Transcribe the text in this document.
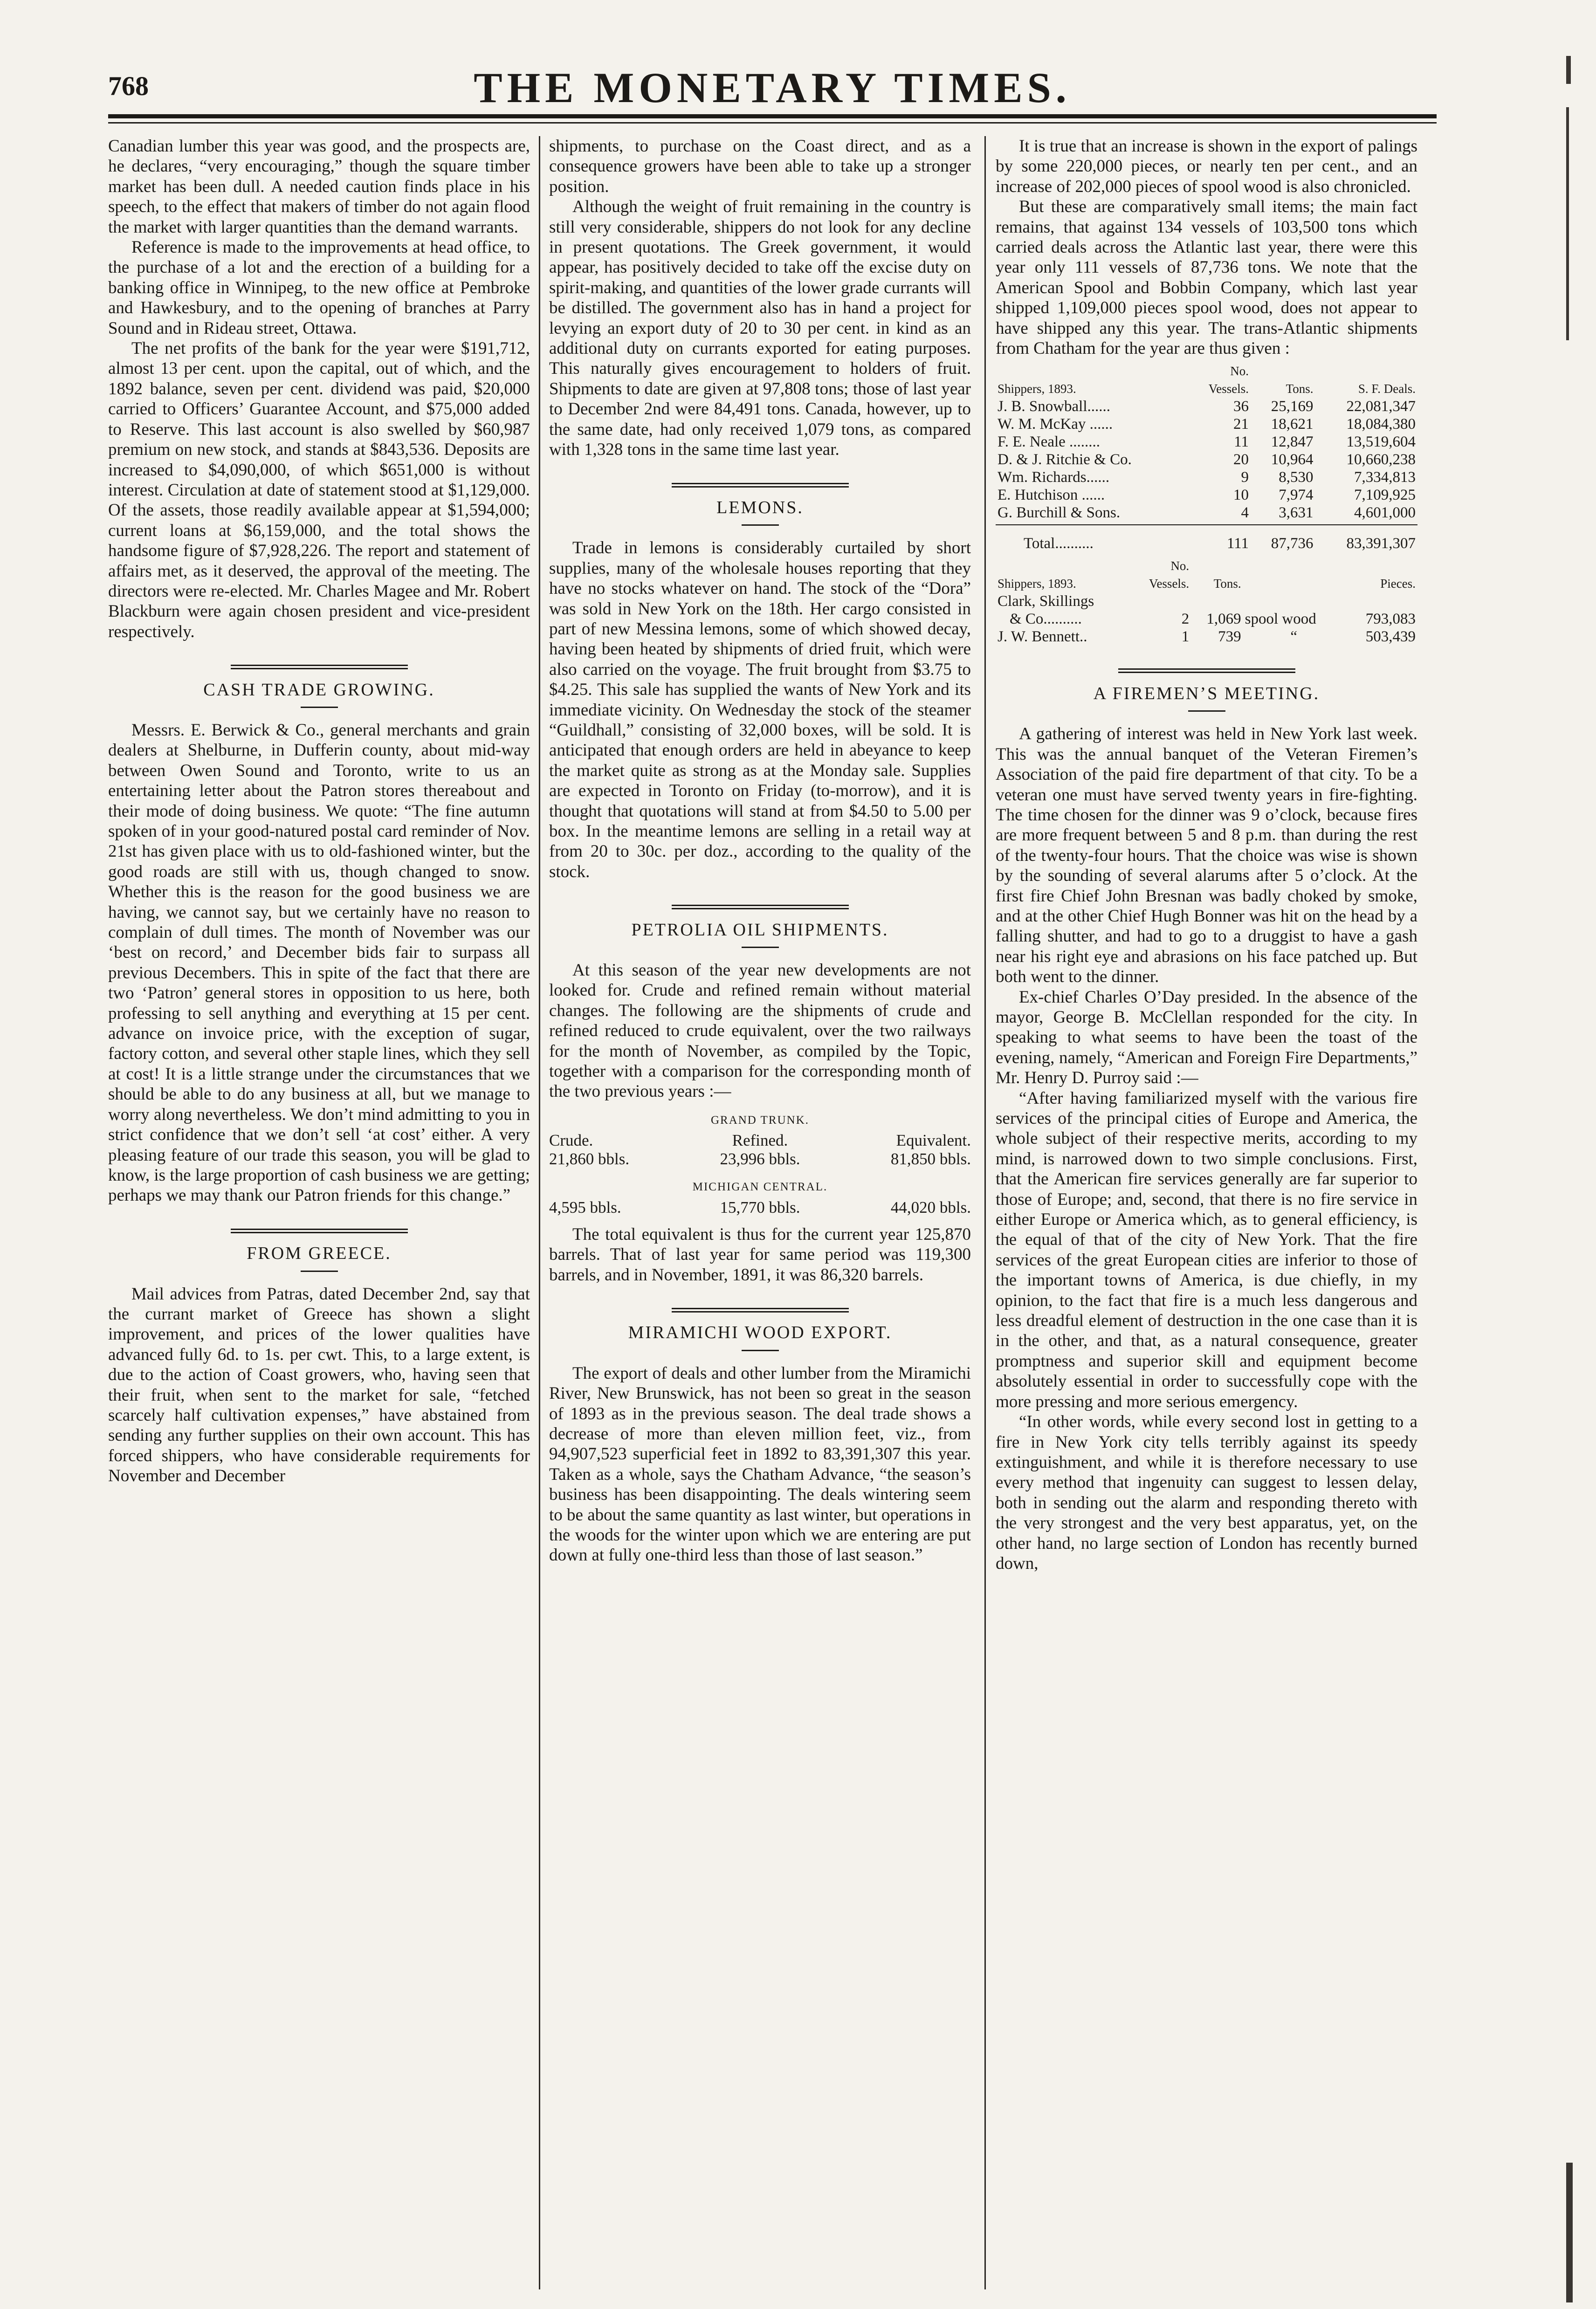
768	THE MONETARY TIMES.

Canadian lumber this year was good, and the prospects are, he declares, “very encouraging,” though the square timber market has been dull. A needed caution finds place in his speech, to the effect that makers of timber do not again flood the market with larger quantities than the demand warrants.

Reference is made to the improvements at head office, to the purchase of a lot and the erection of a building for a banking office in Winnipeg, to the new office at Pembroke and Hawkesbury, and to the opening of branches at Parry Sound and in Rideau street, Ottawa.

The net profits of the bank for the year were $191,712, almost 13 per cent. upon the capital, out of which, and the 1892 balance, seven per cent. dividend was paid, $20,000 carried to Officers’ Guarantee Account, and $75,000 added to Reserve. This last account is also swelled by $60,987 premium on new stock, and stands at $843,536. Deposits are increased to $4,090,000, of which $651,000 is without interest. Circulation at date of statement stood at $1,129,000. Of the assets, those readily available appear at $1,594,000; current loans at $6,159,000, and the total shows the handsome figure of $7,928,226. The report and statement of affairs met, as it deserved, the approval of the meeting. The directors were re-elected. Mr. Charles Magee and Mr. Robert Blackburn were again chosen president and vice-president respectively.

CASH TRADE GROWING.

Messrs. E. Berwick & Co., general merchants and grain dealers at Shelburne, in Dufferin county, about mid-way between Owen Sound and Toronto, write to us an entertaining letter about the Patron stores thereabout and their mode of doing business. We quote: “The fine autumn spoken of in your good-natured postal card reminder of Nov. 21st has given place with us to old-fashioned winter, but the good roads are still with us, though changed to snow. Whether this is the reason for the good business we are having, we cannot say, but we certainly have no reason to complain of dull times. The month of November was our ‘best on record,’ and December bids fair to surpass all previous Decembers. This in spite of the fact that there are two ‘Patron’ general stores in opposition to us here, both professing to sell anything and everything at 15 per cent. advance on invoice price, with the exception of sugar, factory cotton, and several other staple lines, which they sell at cost! It is a little strange under the circumstances that we should be able to do any business at all, but we manage to worry along nevertheless. We don’t mind admitting to you in strict confidence that we don’t sell ‘at cost’ either. A very pleasing feature of our trade this season, you will be glad to know, is the large proportion of cash business we are getting; perhaps we may thank our Patron friends for this change.”

FROM GREECE.

Mail advices from Patras, dated December 2nd, say that the currant market of Greece has shown a slight improvement, and prices of the lower qualities have advanced fully 6d. to 1s. per cwt. This, to a large extent, is due to the action of Coast growers, who, having seen that their fruit, when sent to the market for sale, “fetched scarcely half cultivation expenses,” have abstained from sending any further supplies on their own account. This has forced shippers, who have considerable requirements for November and December

shipments, to purchase on the Coast direct, and as a consequence growers have been able to take up a stronger position.

Although the weight of fruit remaining in the country is still very considerable, shippers do not look for any decline in present quotations. The Greek government, it would appear, has positively decided to take off the excise duty on spirit-making, and quantities of the lower grade currants will be distilled. The government also has in hand a project for levying an export duty of 20 to 30 per cent. in kind as an additional duty on currants exported for eating purposes. This naturally gives encouragement to holders of fruit. Shipments to date are given at 97,808 tons; those of last year to December 2nd were 84,491 tons. Canada, however, up to the same date, had only received 1,079 tons, as compared with 1,328 tons in the same time last year.

LEMONS.

Trade in lemons is considerably curtailed by short supplies, many of the wholesale houses reporting that they have no stocks whatever on hand. The stock of the “Dora” was sold in New York on the 18th. Her cargo consisted in part of new Messina lemons, some of which showed decay, having been heated by shipments of dried fruit, which were also carried on the voyage. The fruit brought from $3.75 to $4.25. This sale has supplied the wants of New York and its immediate vicinity. On Wednesday the stock of the steamer “Guildhall,” consisting of 32,000 boxes, will be sold. It is anticipated that enough orders are held in abeyance to keep the market quite as strong as at the Monday sale. Supplies are expected in Toronto on Friday (to-morrow), and it is thought that quotations will stand at from $4.50 to 5.00 per box. In the meantime lemons are selling in a retail way at from 20 to 30c. per doz., according to the quality of the stock.

PETROLIA OIL SHIPMENTS.

At this season of the year new developments are not looked for. Crude and refined remain without material changes. The following are the shipments of crude and refined reduced to crude equivalent, over the two railways for the month of November, as compiled by the Topic, together with a comparison for the corresponding month of the two previous years :—

GRAND TRUNK.
Crude.	Refined.	Equivalent.
21,860 bbls.	23,996 bbls.	81,850 bbls.
MICHIGAN CENTRAL.
4,595 bbls.	15,770 bbls.	44,020 bbls.

The total equivalent is thus for the current year 125,870 barrels. That of last year for same period was 119,300 barrels, and in November, 1891, it was 86,320 barrels.

MIRAMICHI WOOD EXPORT.

The export of deals and other lumber from the Miramichi River, New Brunswick, has not been so great in the season of 1893 as in the previous season. The deal trade shows a decrease of more than eleven million feet, viz., from 94,907,523 superficial feet in 1892 to 83,391,307 this year. Taken as a whole, says the Chatham Advance, “the season’s business has been disappointing. The deals wintering seem to be about the same quantity as last winter, but operations in the woods for the winter upon which we are entering are put down at fully one-third less than those of last season.”

It is true that an increase is shown in the export of palings by some 220,000 pieces, or nearly ten per cent., and an increase of 202,000 pieces of spool wood is also chronicled.

But these are comparatively small items; the main fact remains, that against 134 vessels of 103,500 tons which carried deals across the Atlantic last year, there were this year only 111 vessels of 87,736 tons. We note that the American Spool and Bobbin Company, which last year shipped 1,109,000 pieces spool wood, does not appear to have shipped any this year. The trans-Atlantic shipments from Chatham for the year are thus given :

	No.		
Shippers, 1893.	Vessels.	Tons.	S. F. Deals.
J. B. Snowball......	36	25,169	22,081,347
W. M. McKay ......	21	18,621	18,084,380
F. E. Neale ........	11	12,847	13,519,604
D. & J. Ritchie & Co.	20	10,964	10,660,238
Wm. Richards......	9	8,530	7,334,813
E. Hutchison ......	10	7,974	7,109,925
G. Burchill & Sons.	4	3,631	4,601,000

Total..........	111	87,736	83,391,307
	No.			
Shippers, 1893.	Vessels.	Tons.		Pieces.
Clark, Skillings				
& Co..........	2	1,069	spool wood	793,083
J. W. Bennett..	1	739	“	503,439
A FIREMEN’S MEETING.

A gathering of interest was held in New York last week. This was the annual banquet of the Veteran Firemen’s Association of the paid fire department of that city. To be a veteran one must have served twenty years in fire-fighting. The time chosen for the dinner was 9 o’clock, because fires are more frequent between 5 and 8 p.m. than during the rest of the twenty-four hours. That the choice was wise is shown by the sounding of several alarums after 5 o’clock. At the first fire Chief John Bresnan was badly choked by smoke, and at the other Chief Hugh Bonner was hit on the head by a falling shutter, and had to go to a druggist to have a gash near his right eye and abrasions on his face patched up. But both went to the dinner.

Ex-chief Charles O’Day presided. In the absence of the mayor, George B. McClellan responded for the city. In speaking to what seems to have been the toast of the evening, namely, “American and Foreign Fire Departments,” Mr. Henry D. Purroy said :—

“After having familiarized myself with the various fire services of the principal cities of Europe and America, the whole subject of their respective merits, according to my mind, is narrowed down to two simple conclusions. First, that the American fire services generally are far superior to those of Europe; and, second, that there is no fire service in either Europe or America which, as to general efficiency, is the equal of that of the city of New York. That the fire services of the great European cities are inferior to those of the important towns of America, is due chiefly, in my opinion, to the fact that fire is a much less dangerous and less dreadful element of destruction in the one case than it is in the other, and that, as a natural consequence, greater promptness and superior skill and equipment become absolutely essential in order to successfully cope with the more pressing and more serious emergency.

“In other words, while every second lost in getting to a fire in New York city tells terribly against its speedy extinguishment, and while it is therefore necessary to use every method that ingenuity can suggest to lessen delay, both in sending out the alarm and responding thereto with the very strongest and the very best apparatus, yet, on the other hand, no large section of London has recently burned down,
